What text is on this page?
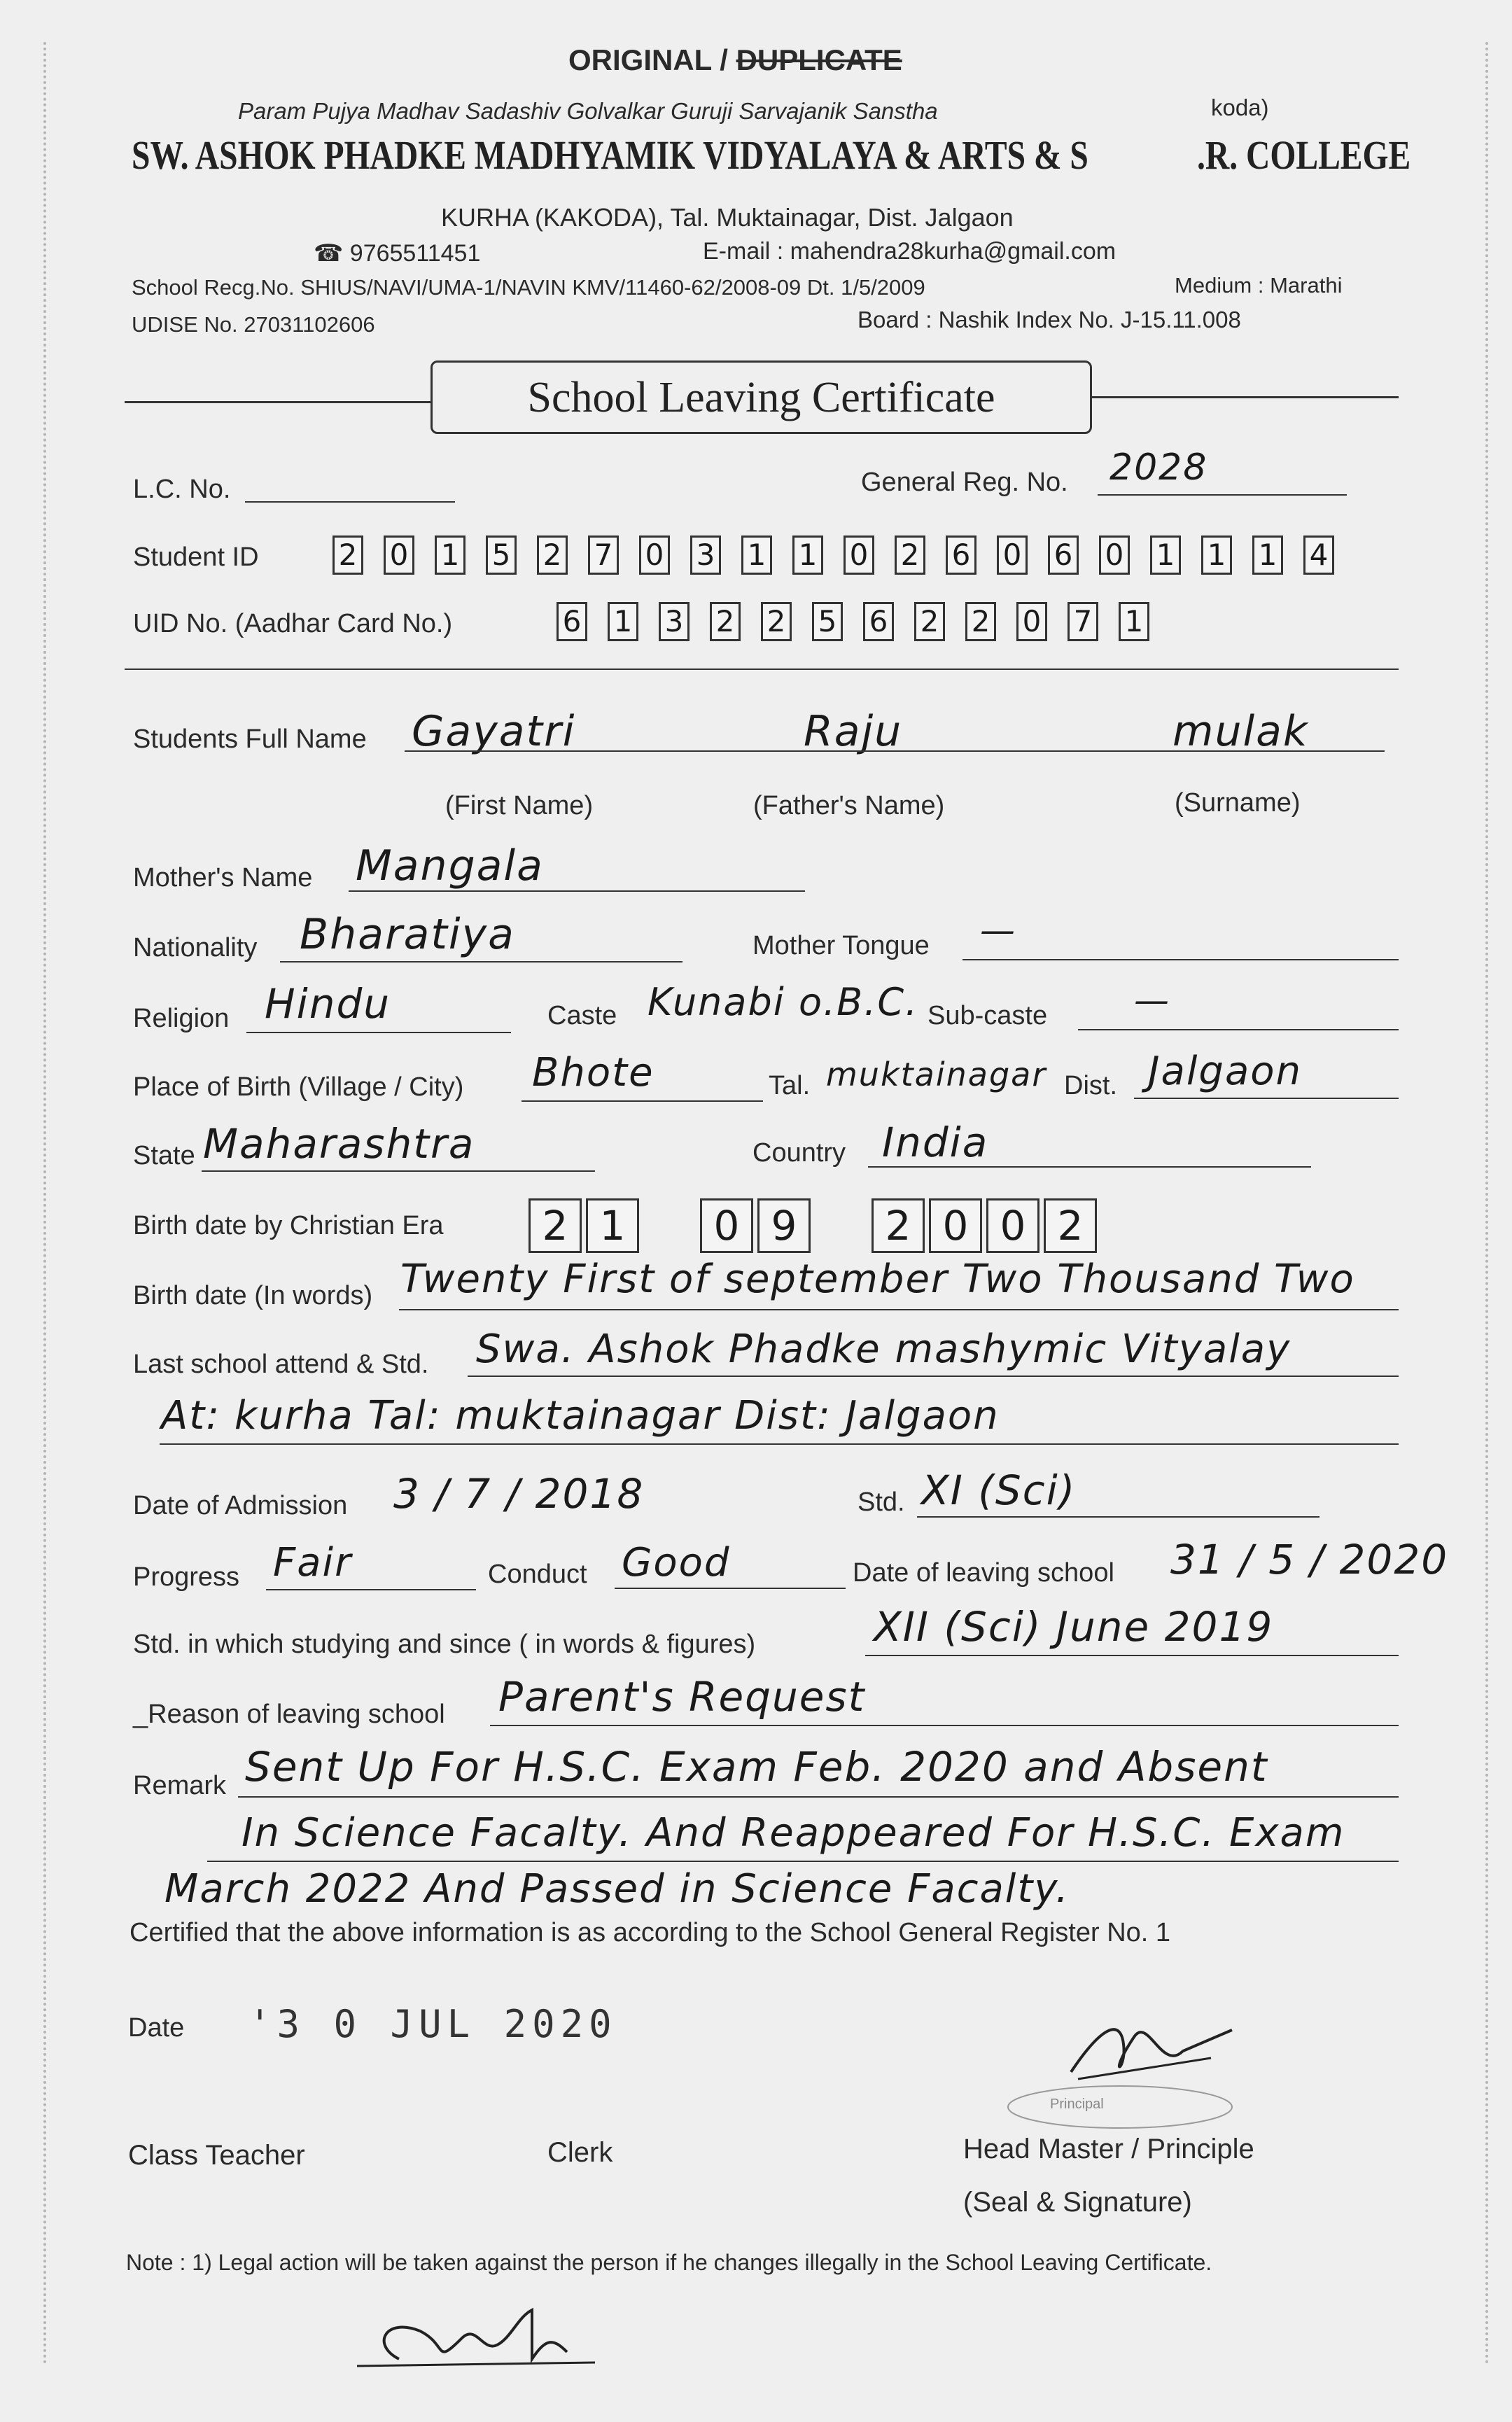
ORIGINAL / DUPLICATE
Param Pujya Madhav Sadashiv Golvalkar Guruji Sarvajanik Sanstha	koda)
SW. ASHOK PHADKE MADHYAMIK VIDYALAYA & ARTS & S	.R. COLLEGE
KURHA (KAKODA), Tal. Muktainagar, Dist. Jalgaon
☎ 9765511451	E-mail : mahendra28kurha@gmail.com
School Recg.No. SHIUS/NAVI/UMA-1/NAVIN KMV/11460-62/2008-09 Dt. 1/5/2009	Medium : Marathi
UDISE No. 27031102606	Board : Nashik Index No. J-15.11.008
School Leaving Certificate
L.C. No.	General Reg. No. 2028
Student ID	2 0 1 5 2 7 0 3 1 1 0 2 6 0 6 0 1 1 1 4
UID No. (Aadhar Card No.)	6 1 3 2 2 5 6 2 2 0 7 1
Students Full Name Gayatri	Raju	mulak
(First Name)	(Father's Name)	(Surname)
Mother's Name Mangala
Nationality Bharatiya	Mother Tongue —
Religion Hindu	Caste Kunabi o.B.C. Sub-caste —
Place of Birth (Village / City) Bhote	Tal. muktainagar Dist. Jalgaon
State Maharashtra	Country India
Birth date by Christian Era	2 1	0 9	2 0 0 2
Birth date (In words) Twenty First of september Two Thousand Two
Last school attend & Std. Swa. Ashok Phadke mashymic Vityalay
At: kurha Tal: muktainagar Dist: Jalgaon
Date of Admission 3 / 7 / 2018	Std. XI (Sci)
Progress Fair	Conduct Good	Date of leaving school 31 / 5 / 2020
Std. in which studying and since ( in words & figures)	XII (Sci) June 2019
_Reason of leaving school Parent's Request
Remark Sent Up For H.S.C. Exam Feb. 2020 and Absent
In Science Facalty. And Reappeared For H.S.C. Exam
March 2022 And Passed in Science Facalty.
Certified that the above information is as according to the School General Register No. 1
Date '3 0 JUL 2020
Principal
Class Teacher	Clerk	Head Master / Principle
(Seal & Signature)
Note : 1) Legal action will be taken against the person if he changes illegally in the School Leaving Certificate.
